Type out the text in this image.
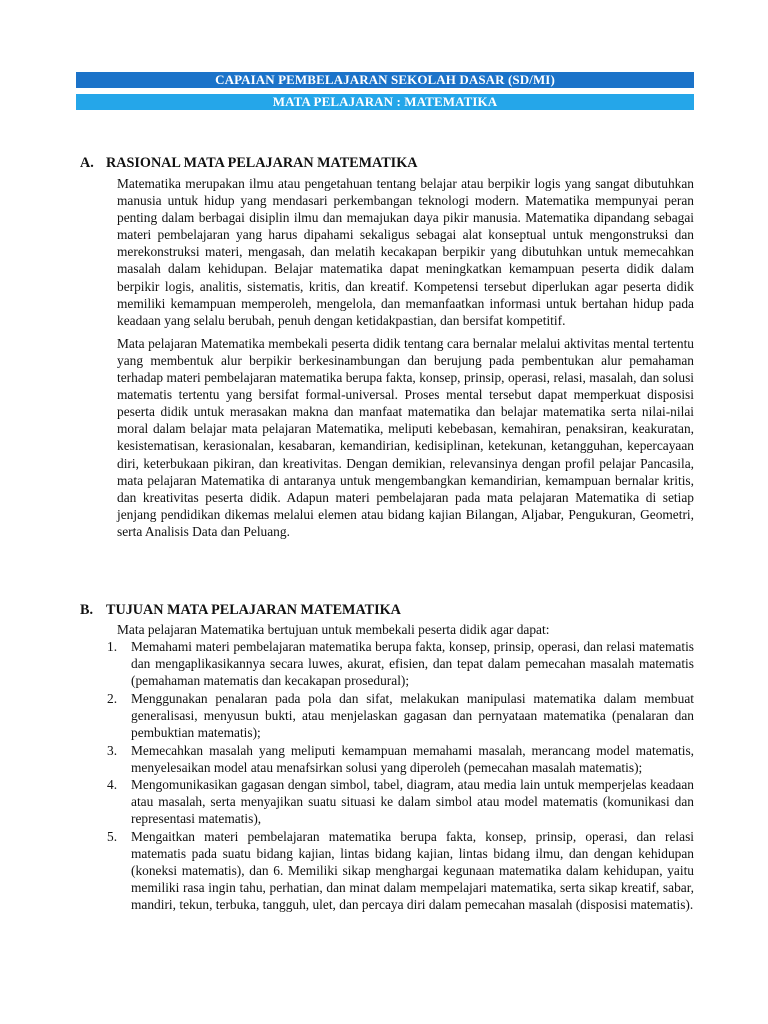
CAPAIAN PEMBELAJARAN SEKOLAH DASAR (SD/MI)
MATA PELAJARAN : MATEMATIKA
A. RASIONAL MATA PELAJARAN MATEMATIKA

Matematika merupakan ilmu atau pengetahuan tentang belajar atau berpikir logis yang sangat dibutuhkan manusia untuk hidup yang mendasari perkembangan teknologi modern. Matematika mempunyai peran penting dalam berbagai disiplin ilmu dan memajukan daya pikir manusia. Matematika dipandang sebagai materi pembelajaran yang harus dipahami sekaligus sebagai alat konseptual untuk mengonstruksi dan merekonstruksi materi, mengasah, dan melatih kecakapan berpikir yang dibutuhkan untuk memecahkan masalah dalam kehidupan. Belajar matematika dapat meningkatkan kemampuan peserta didik dalam berpikir logis, analitis, sistematis, kritis, dan kreatif. Kompetensi tersebut diperlukan agar peserta didik memiliki kemampuan memperoleh, mengelola, dan memanfaatkan informasi untuk bertahan hidup pada keadaan yang selalu berubah, penuh dengan ketidakpastian, dan bersifat kompetitif.

Mata pelajaran Matematika membekali peserta didik tentang cara bernalar melalui aktivitas mental tertentu yang membentuk alur berpikir berkesinambungan dan berujung pada pembentukan alur pemahaman terhadap materi pembelajaran matematika berupa fakta, konsep, prinsip, operasi, relasi, masalah, dan solusi matematis tertentu yang bersifat formal-universal. Proses mental tersebut dapat memperkuat disposisi peserta didik untuk merasakan makna dan manfaat matematika dan belajar matematika serta nilai-nilai moral dalam belajar mata pelajaran Matematika, meliputi kebebasan, kemahiran, penaksiran, keakuratan, kesistematisan, kerasionalan, kesabaran, kemandirian, kedisiplinan, ketekunan, ketangguhan, kepercayaan diri, keterbukaan pikiran, dan kreativitas. Dengan demikian, relevansinya dengan profil pelajar Pancasila, mata pelajaran Matematika di antaranya untuk mengembangkan kemandirian, kemampuan bernalar kritis, dan kreativitas peserta didik. Adapun materi pembelajaran pada mata pelajaran Matematika di setiap jenjang pendidikan dikemas melalui elemen atau bidang kajian Bilangan, Aljabar, Pengukuran, Geometri, serta Analisis Data dan Peluang.

B. TUJUAN MATA PELAJARAN MATEMATIKA
Mata pelajaran Matematika bertujuan untuk membekali peserta didik agar dapat:
1.	Memahami materi pembelajaran matematika berupa fakta, konsep, prinsip, operasi, dan relasi matematis dan mengaplikasikannya secara luwes, akurat, efisien, dan tepat dalam pemecahan masalah matematis (pemahaman matematis dan kecakapan prosedural);
2.	Menggunakan penalaran pada pola dan sifat, melakukan manipulasi matematika dalam membuat generalisasi, menyusun bukti, atau menjelaskan gagasan dan pernyataan matematika (penalaran dan pembuktian matematis);
3.	Memecahkan masalah yang meliputi kemampuan memahami masalah, merancang model matematis, menyelesaikan model atau menafsirkan solusi yang diperoleh (pemecahan masalah matematis);
4.	Mengomunikasikan gagasan dengan simbol, tabel, diagram, atau media lain untuk memperjelas keadaan atau masalah, serta menyajikan suatu situasi ke dalam simbol atau model matematis (komunikasi dan representasi matematis),
5.	Mengaitkan materi pembelajaran matematika berupa fakta, konsep, prinsip, operasi, dan relasi matematis pada suatu bidang kajian, lintas bidang kajian, lintas bidang ilmu, dan dengan kehidupan (koneksi matematis), dan 6. Memiliki sikap menghargai kegunaan matematika dalam kehidupan, yaitu memiliki rasa ingin tahu, perhatian, dan minat dalam mempelajari matematika, serta sikap kreatif, sabar, mandiri, tekun, terbuka, tangguh, ulet, dan percaya diri dalam pemecahan masalah (disposisi matematis).
